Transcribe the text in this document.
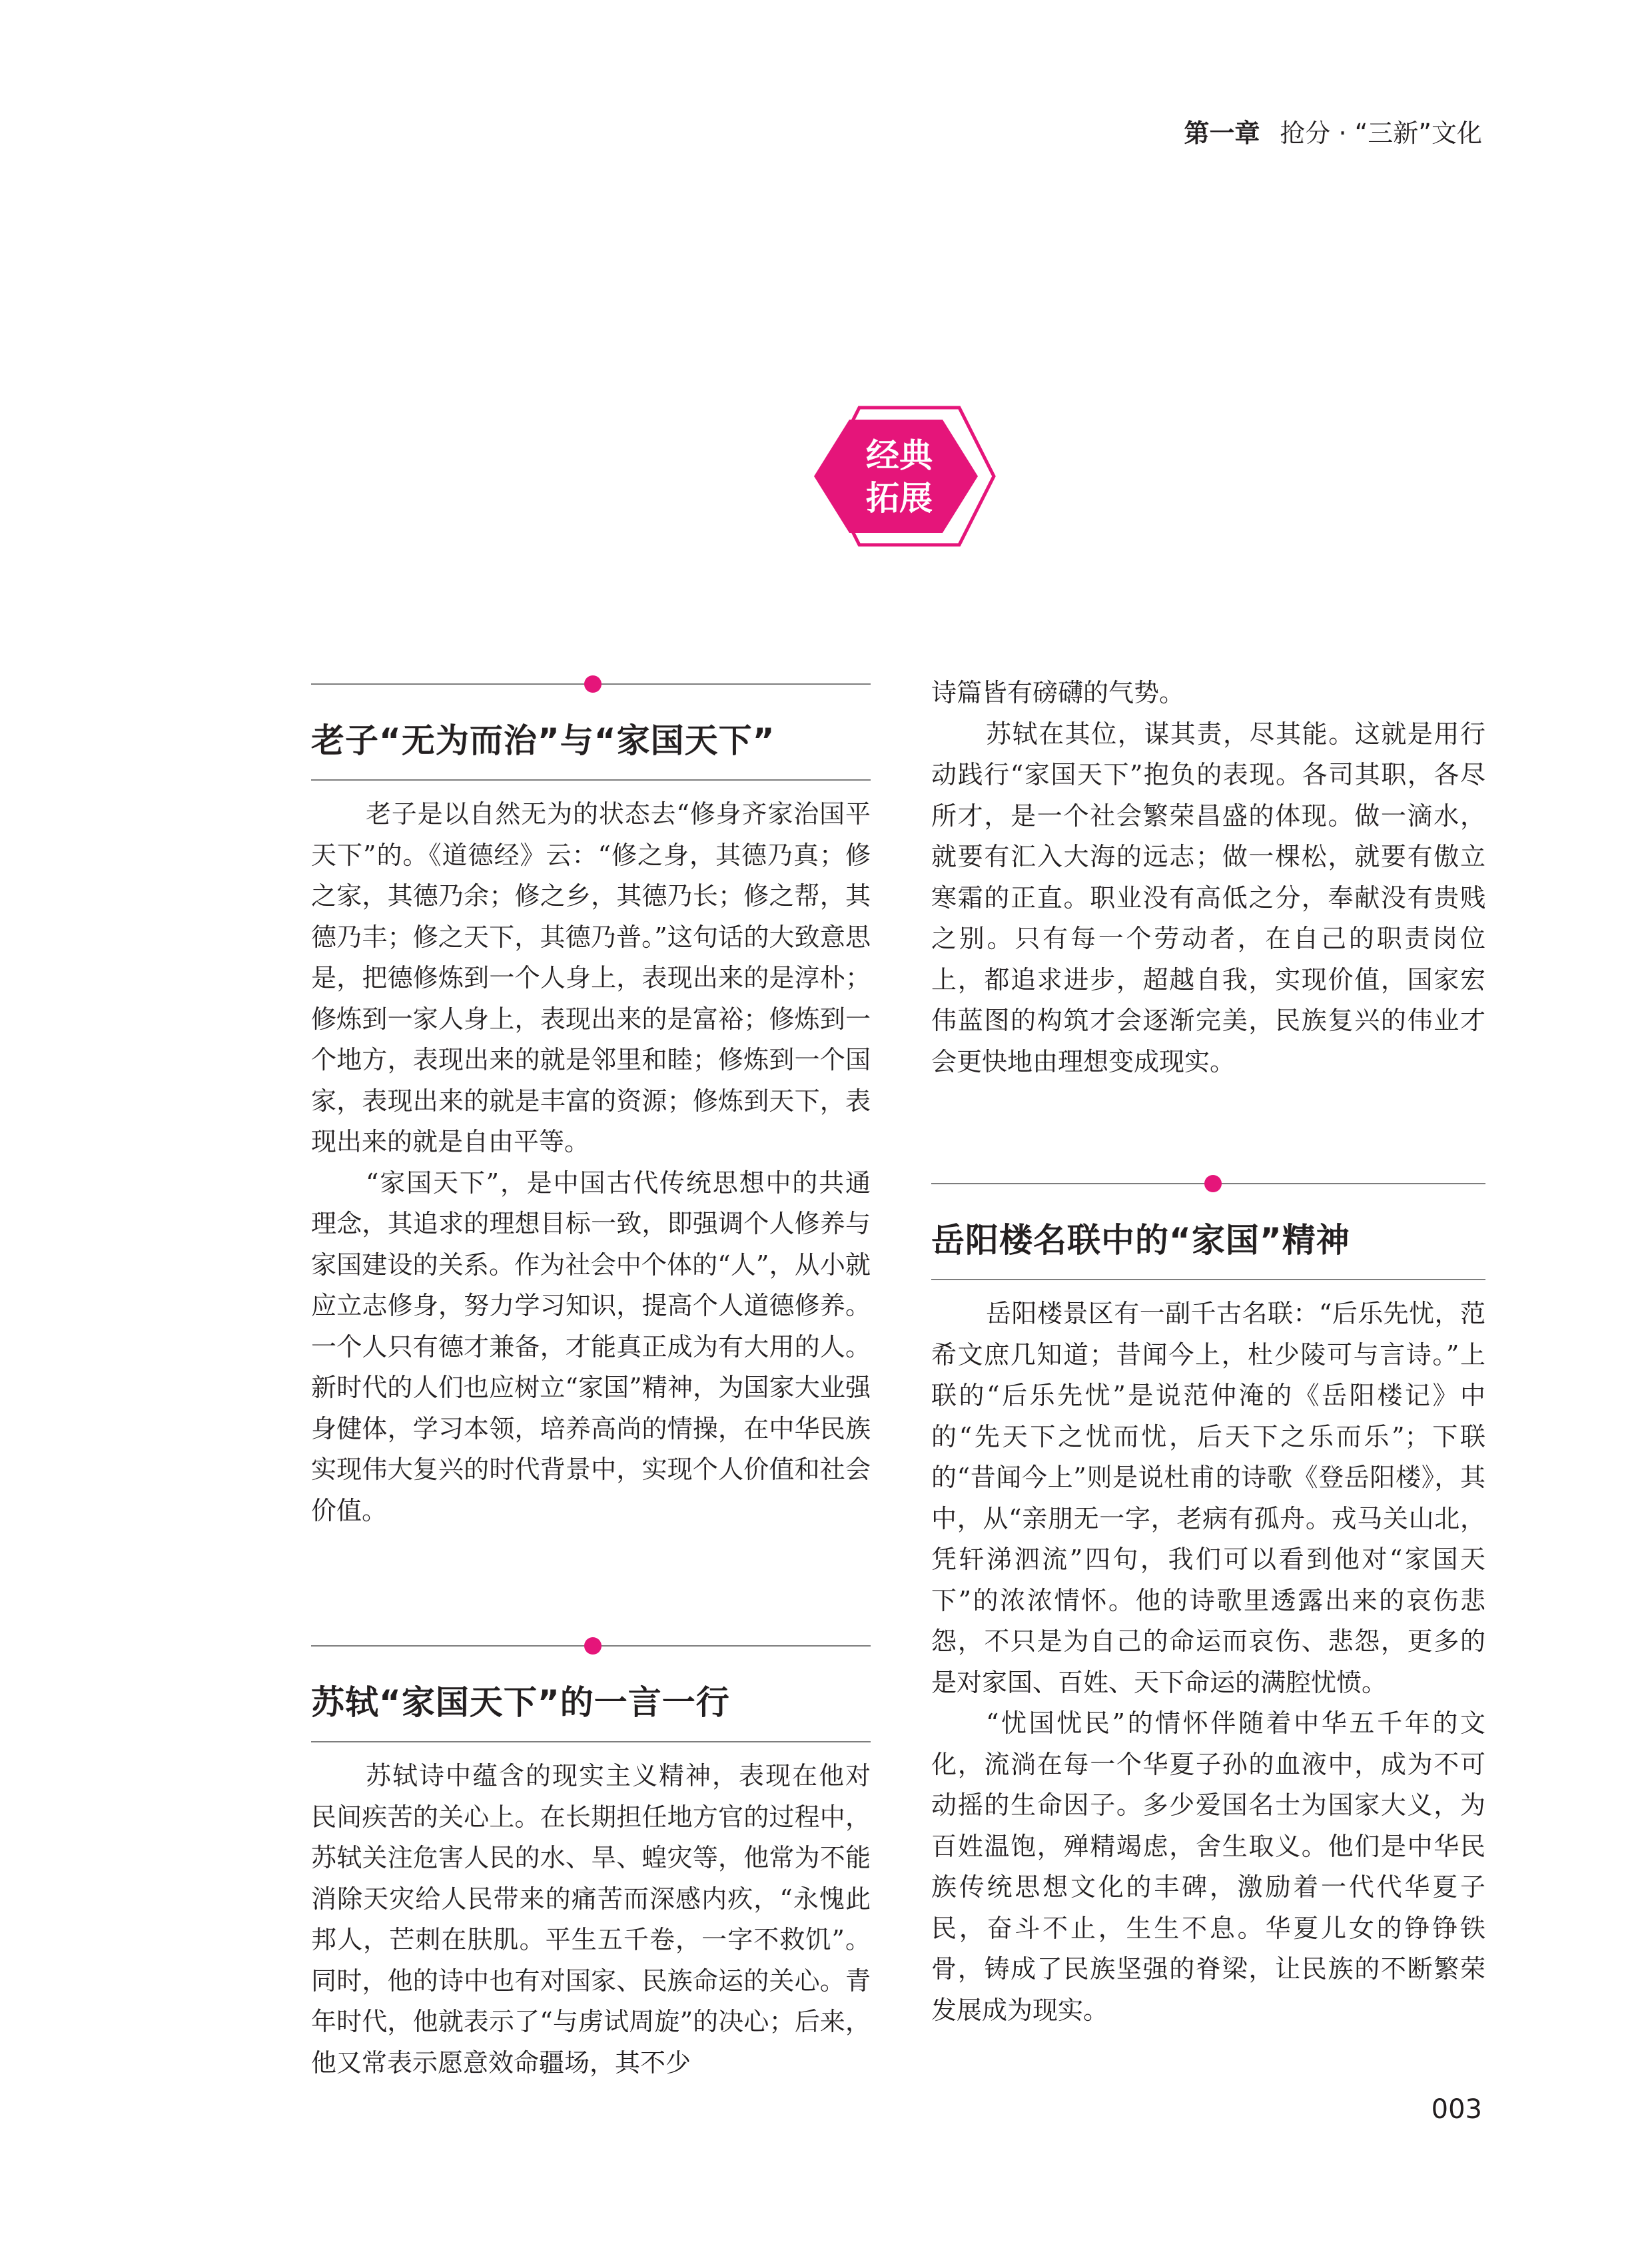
第一章 抢分 · “三新”文化
经典
拓展
老子“无为而治”与“家国天下”

老子是以自然无为的状态去“修身齐家治国平天下”的。《道德经》云：“修之身，其德乃真；修之家，其德乃余；修之乡，其德乃长；修之帮，其德乃丰；修之天下，其德乃普。”这句话的大致意思是，把德修炼到一个人身上，表现出来的是淳朴；修炼到一家人身上，表现出来的是富裕；修炼到一个地方，表现出来的就是邻里和睦；修炼到一个国家，表现出来的就是丰富的资源；修炼到天下，表现出来的就是自由平等。

“家国天下”，是中国古代传统思想中的共通理念，其追求的理想目标一致，即强调个人修养与家国建设的关系。作为社会中个体的“人”，从小就应立志修身，努力学习知识，提高个人道德修养。一个人只有德才兼备，才能真正成为有大用的人。新时代的人们也应树立“家国”精神，为国家大业强身健体，学习本领，培养高尚的情操，在中华民族实现伟大复兴的时代背景中，实现个人价值和社会价值。

苏轼“家国天下”的一言一行

苏轼诗中蕴含的现实主义精神，表现在他对民间疾苦的关心上。在长期担任地方官的过程中，苏轼关注危害人民的水、旱、蝗灾等，他常为不能消除天灾给人民带来的痛苦而深感内疚，“永愧此邦人，芒刺在肤肌。平生五千卷，一字不救饥”。同时，他的诗中也有对国家、民族命运的关心。青年时代，他就表示了“与虏试周旋”的决心；后来，他又常表示愿意效命疆场，其不少

诗篇皆有磅礴的气势。

苏轼在其位，谋其责，尽其能。这就是用行动践行“家国天下”抱负的表现。各司其职，各尽所才，是一个社会繁荣昌盛的体现。做一滴水，就要有汇入大海的远志；做一棵松，就要有傲立寒霜的正直。职业没有高低之分，奉献没有贵贱之别。只有每一个劳动者，在自己的职责岗位上，都追求进步，超越自我，实现价值，国家宏伟蓝图的构筑才会逐渐完美，民族复兴的伟业才会更快地由理想变成现实。

岳阳楼名联中的“家国”精神

岳阳楼景区有一副千古名联：“后乐先忧，范希文庶几知道；昔闻今上，杜少陵可与言诗。”上联的“后乐先忧”是说范仲淹的《岳阳楼记》中的“先天下之忧而忧，后天下之乐而乐”；下联的“昔闻今上”则是说杜甫的诗歌《登岳阳楼》，其中，从“亲朋无一字，老病有孤舟。戎马关山北，凭轩涕泗流”四句，我们可以看到他对“家国天下”的浓浓情怀。他的诗歌里透露出来的哀伤悲怨，不只是为自己的命运而哀伤、悲怨，更多的是对家国、百姓、天下命运的满腔忧愤。

“忧国忧民”的情怀伴随着中华五千年的文化，流淌在每一个华夏子孙的血液中，成为不可动摇的生命因子。多少爱国名士为国家大义，为百姓温饱，殚精竭虑，舍生取义。他们是中华民族传统思想文化的丰碑，激励着一代代华夏子民，奋斗不止，生生不息。华夏儿女的铮铮铁骨，铸成了民族坚强的脊梁，让民族的不断繁荣发展成为现实。

003
